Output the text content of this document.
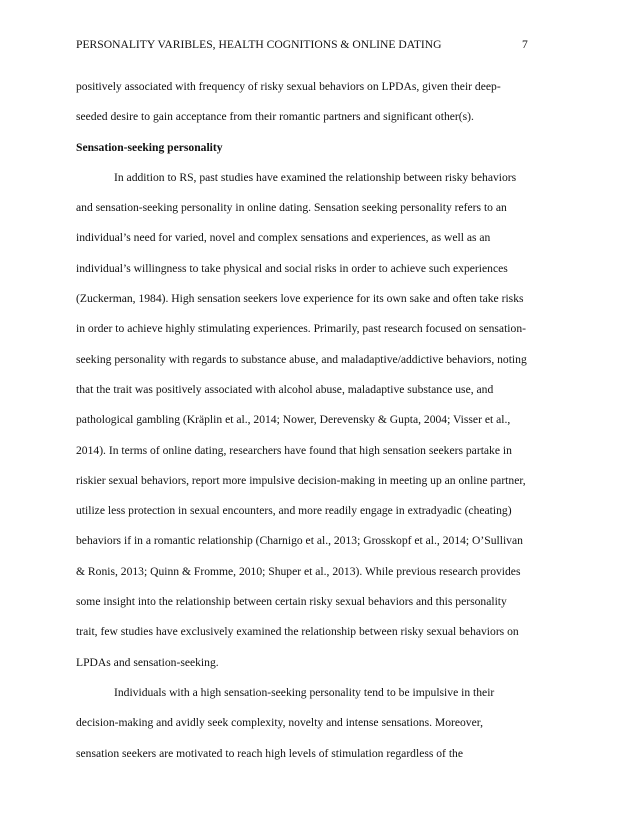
PERSONALITY VARIBLES, HEALTH COGNITIONS & ONLINE DATING	7
positively associated with frequency of risky sexual behaviors on LPDAs, given their deep-
seeded desire to gain acceptance from their romantic partners and significant other(s).
Sensation-seeking personality
In addition to RS, past studies have examined the relationship between risky behaviors
and sensation-seeking personality in online dating. Sensation seeking personality refers to an
individual’s need for varied, novel and complex sensations and experiences, as well as an
individual’s willingness to take physical and social risks in order to achieve such experiences
(Zuckerman, 1984). High sensation seekers love experience for its own sake and often take risks
in order to achieve highly stimulating experiences. Primarily, past research focused on sensation-
seeking personality with regards to substance abuse, and maladaptive/addictive behaviors, noting
that the trait was positively associated with alcohol abuse, maladaptive substance use, and
pathological gambling (Kräplin et al., 2014; Nower, Derevensky & Gupta, 2004; Visser et al.,
2014). In terms of online dating, researchers have found that high sensation seekers partake in
riskier sexual behaviors, report more impulsive decision-making in meeting up an online partner,
utilize less protection in sexual encounters, and more readily engage in extradyadic (cheating)
behaviors if in a romantic relationship (Charnigo et al., 2013; Grosskopf et al., 2014; O’Sullivan
& Ronis, 2013; Quinn & Fromme, 2010; Shuper et al., 2013). While previous research provides
some insight into the relationship between certain risky sexual behaviors and this personality
trait, few studies have exclusively examined the relationship between risky sexual behaviors on
LPDAs and sensation-seeking.
Individuals with a high sensation-seeking personality tend to be impulsive in their
decision-making and avidly seek complexity, novelty and intense sensations. Moreover,
sensation seekers are motivated to reach high levels of stimulation regardless of the
